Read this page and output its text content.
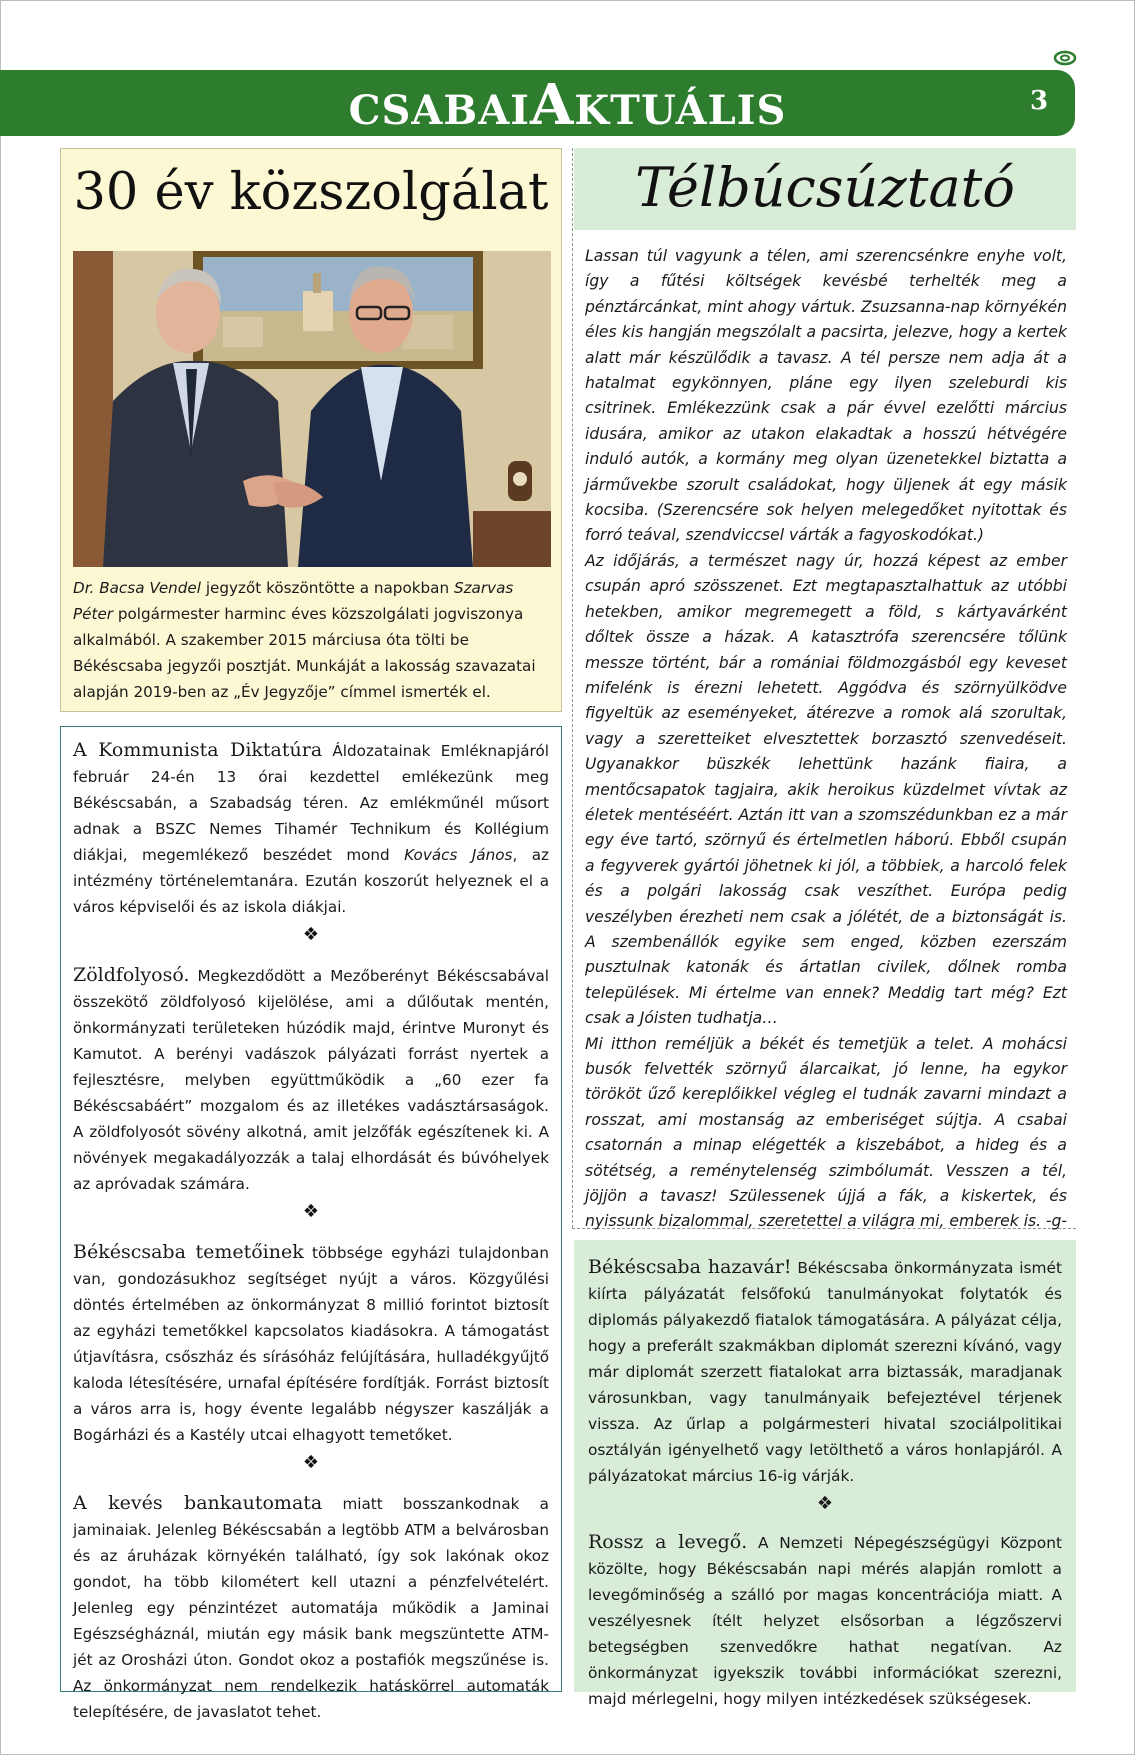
CSABAIAKTUÁLIS	3
30 év közszolgálat
Dr. Bacsa Vendel jegyzőt köszöntötte a napokban Szarvas Péter polgármester harminc éves közszolgálati jogviszonya alkalmából. A szakember 2015 márciusa óta tölti be Békéscsaba jegyzői posztját. Munkáját a lakosság szavazatai alapján 2019-ben az „Év Jegyzője” címmel ismerték el.

A Kommunista Diktatúra Áldozatainak Emléknapjáról február 24-én 13 órai kezdettel emlékezünk meg Békéscsabán, a Szabadság téren. Az emlékműnél műsort adnak a BSZC Nemes Tihamér Technikum és Kollégium diákjai, megemlékező beszédet mond Kovács János, az intézmény történelemtanára. Ezután koszorút helyeznek el a város képviselői és az iskola diákjai.

❖

Zöldfolyosó. Megkezdődött a Mezőberényt Békéscsabával összekötő zöldfolyosó kijelölése, ami a dűlőutak mentén, önkormányzati területeken húzódik majd, érintve Muronyt és Kamutot. A berényi vadászok pályázati forrást nyertek a fejlesztésre, melyben együttműködik a „60 ezer fa Békéscsabáért” mozgalom és az illetékes vadásztársaságok. A zöldfolyosót sövény alkotná, amit jelzőfák egészítenek ki. A növények megakadályozzák a talaj elhordását és búvóhelyek az apróvadak számára.

❖

Békéscsaba temetőinek többsége egyházi tulajdonban van, gondozásukhoz segítséget nyújt a város. Közgyűlési döntés értelmében az önkormányzat 8 millió forintot biztosít az egyházi temetőkkel kapcsolatos kiadásokra. A támogatást útjavításra, csőszház és sírásóház felújítására, hulladékgyűjtő kaloda létesítésére, urnafal építésére fordítják. Forrást biztosít a város arra is, hogy évente legalább négyszer kaszálják a Bogárházi és a Kastély utcai elhagyott temetőket.

❖

A kevés bankautomata miatt bosszankodnak a jaminaiak. Jelenleg Békéscsabán a legtöbb ATM a belvárosban és az áruházak környékén található, így sok lakónak okoz gondot, ha több kilométert kell utazni a pénzfelvételért. Jelenleg egy pénzintézet automatája működik a Jaminai Egészségháznál, miután egy másik bank megszüntette ATM-jét az Orosházi úton. Gondot okoz a postafiók megszűnése is. Az önkormányzat nem rendelkezik hatáskörrel automaták telepítésére, de javaslatot tehet.

Télbúcsúztató

Lassan túl vagyunk a télen, ami szerencsénkre enyhe volt, így a fűtési költségek kevésbé terhelték meg a pénztárcánkat, mint ahogy vártuk. Zsuzsanna-nap környékén éles kis hangján megszólalt a pacsirta, jelezve, hogy a kertek alatt már készülődik a tavasz. A tél persze nem adja át a hatalmat egykönnyen, pláne egy ilyen szeleburdi kis csitrinek. Emlékezzünk csak a pár évvel ezelőtti március idusára, amikor az utakon elakadtak a hosszú hétvégére induló autók, a kormány meg olyan üzenetekkel biztatta a járművekbe szorult családokat, hogy üljenek át egy másik kocsiba. (Szerencsére sok helyen melegedőket nyitottak és forró teával, szendviccsel várták a fagyoskodókat.)

Az időjárás, a természet nagy úr, hozzá képest az ember csupán apró szösszenet. Ezt megtapasztalhattuk az utóbbi hetekben, amikor megremegett a föld, s kártyavárként dőltek össze a házak. A katasztrófa szerencsére tőlünk messze történt, bár a romániai földmozgásból egy keveset mifelénk is érezni lehetett. Aggódva és szörnyülködve figyeltük az eseményeket, átérezve a romok alá szorultak, vagy a szeretteiket elvesztettek borzasztó szenvedéseit. Ugyanakkor büszkék lehettünk hazánk fiaira, a mentőcsapatok tagjaira, akik heroikus küzdelmet vívtak az életek mentéséért. Aztán itt van a szomszédunkban ez a már egy éve tartó, szörnyű és értelmetlen háború. Ebből csupán a fegyverek gyártói jöhetnek ki jól, a többiek, a harcoló felek és a polgári lakosság csak veszíthet. Európa pedig veszélyben érezheti nem csak a jólétét, de a biztonságát is. A szembenállók egyike sem enged, közben ezerszám pusztulnak katonák és ártatlan civilek, dőlnek romba települések. Mi értelme van ennek? Meddig tart még? Ezt csak a Jóisten tudhatja…

Mi itthon reméljük a békét és temetjük a telet. A mohácsi busók felvették szörnyű álarcaikat, jó lenne, ha egykor törököt űző kereplőikkel végleg el tudnák zavarni mindazt a rosszat, ami mostanság az emberiséget sújtja. A csabai csatornán a minap elégették a kiszebábot, a hideg és a sötétség, a reménytelenség szimbólumát. Vesszen a tél, jöjjön a tavasz! Szülessenek újjá a fák, a kiskertek, és nyissunk bizalommal, szeretettel a világra mi, emberek is. -g-

Békéscsaba hazavár! Békéscsaba önkormányzata ismét kiírta pályázatát felsőfokú tanulmányokat folytatók és diplomás pályakezdő fiatalok támogatására. A pályázat célja, hogy a preferált szakmákban diplomát szerezni kívánó, vagy már diplomát szerzett fiatalokat arra biztassák, maradjanak városunkban, vagy tanulmányaik befejeztével térjenek vissza. Az űrlap a polgármesteri hivatal szociálpolitikai osztályán igényelhető vagy letölthető a város honlapjáról. A pályázatokat március 16-ig várják.

❖

Rossz a levegő. A Nemzeti Népegészségügyi Központ közölte, hogy Békéscsabán napi mérés alapján romlott a levegőminőség a szálló por magas koncentrációja miatt. A veszélyesnek ítélt helyzet elsősorban a légzőszervi betegségben szenvedőkre hathat negatívan. Az önkormányzat igyekszik további információkat szerezni, majd mérlegelni, hogy milyen intézkedések szükségesek.
